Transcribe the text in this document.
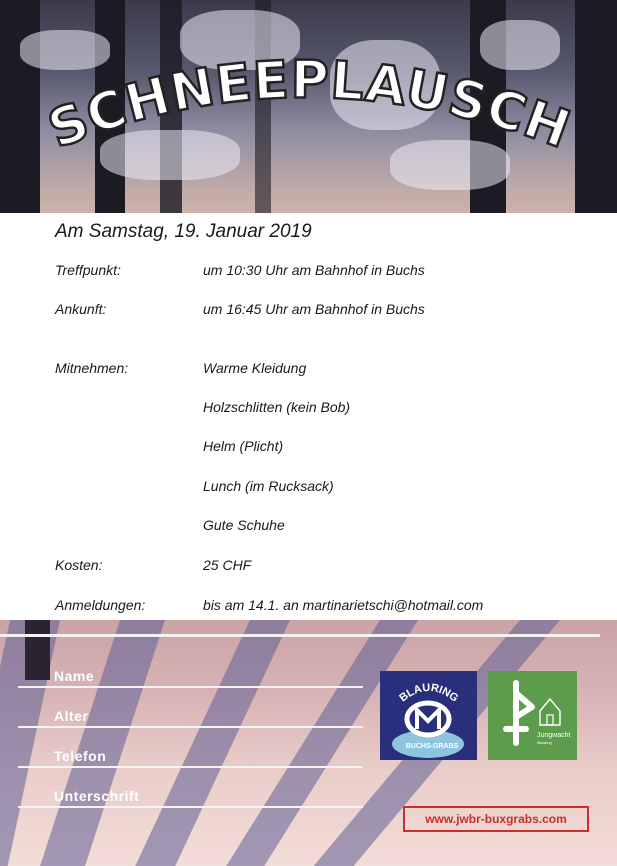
SCHNEEPLAUSCH
Am Samstag, 19. Januar 2019
Treffpunkt:	um 10:30 Uhr am Bahnhof in Buchs
Ankunft:	um 16:45 Uhr am Bahnhof in Buchs
Mitnehmen:	Warme Kleidung
Holzschlitten (kein Bob)
Helm (Plicht)
Lunch (im Rucksack)
Gute Schuhe
Kosten:	25 CHF
Anmeldungen:	bis am 14.1. an martinarietschi@hotmail.com
Name
Alter
Telefon
Unterschrift
BLAURING
BUCHS-GRABS
Jungwacht
Blauring
www.jwbr-buxgrabs.com
